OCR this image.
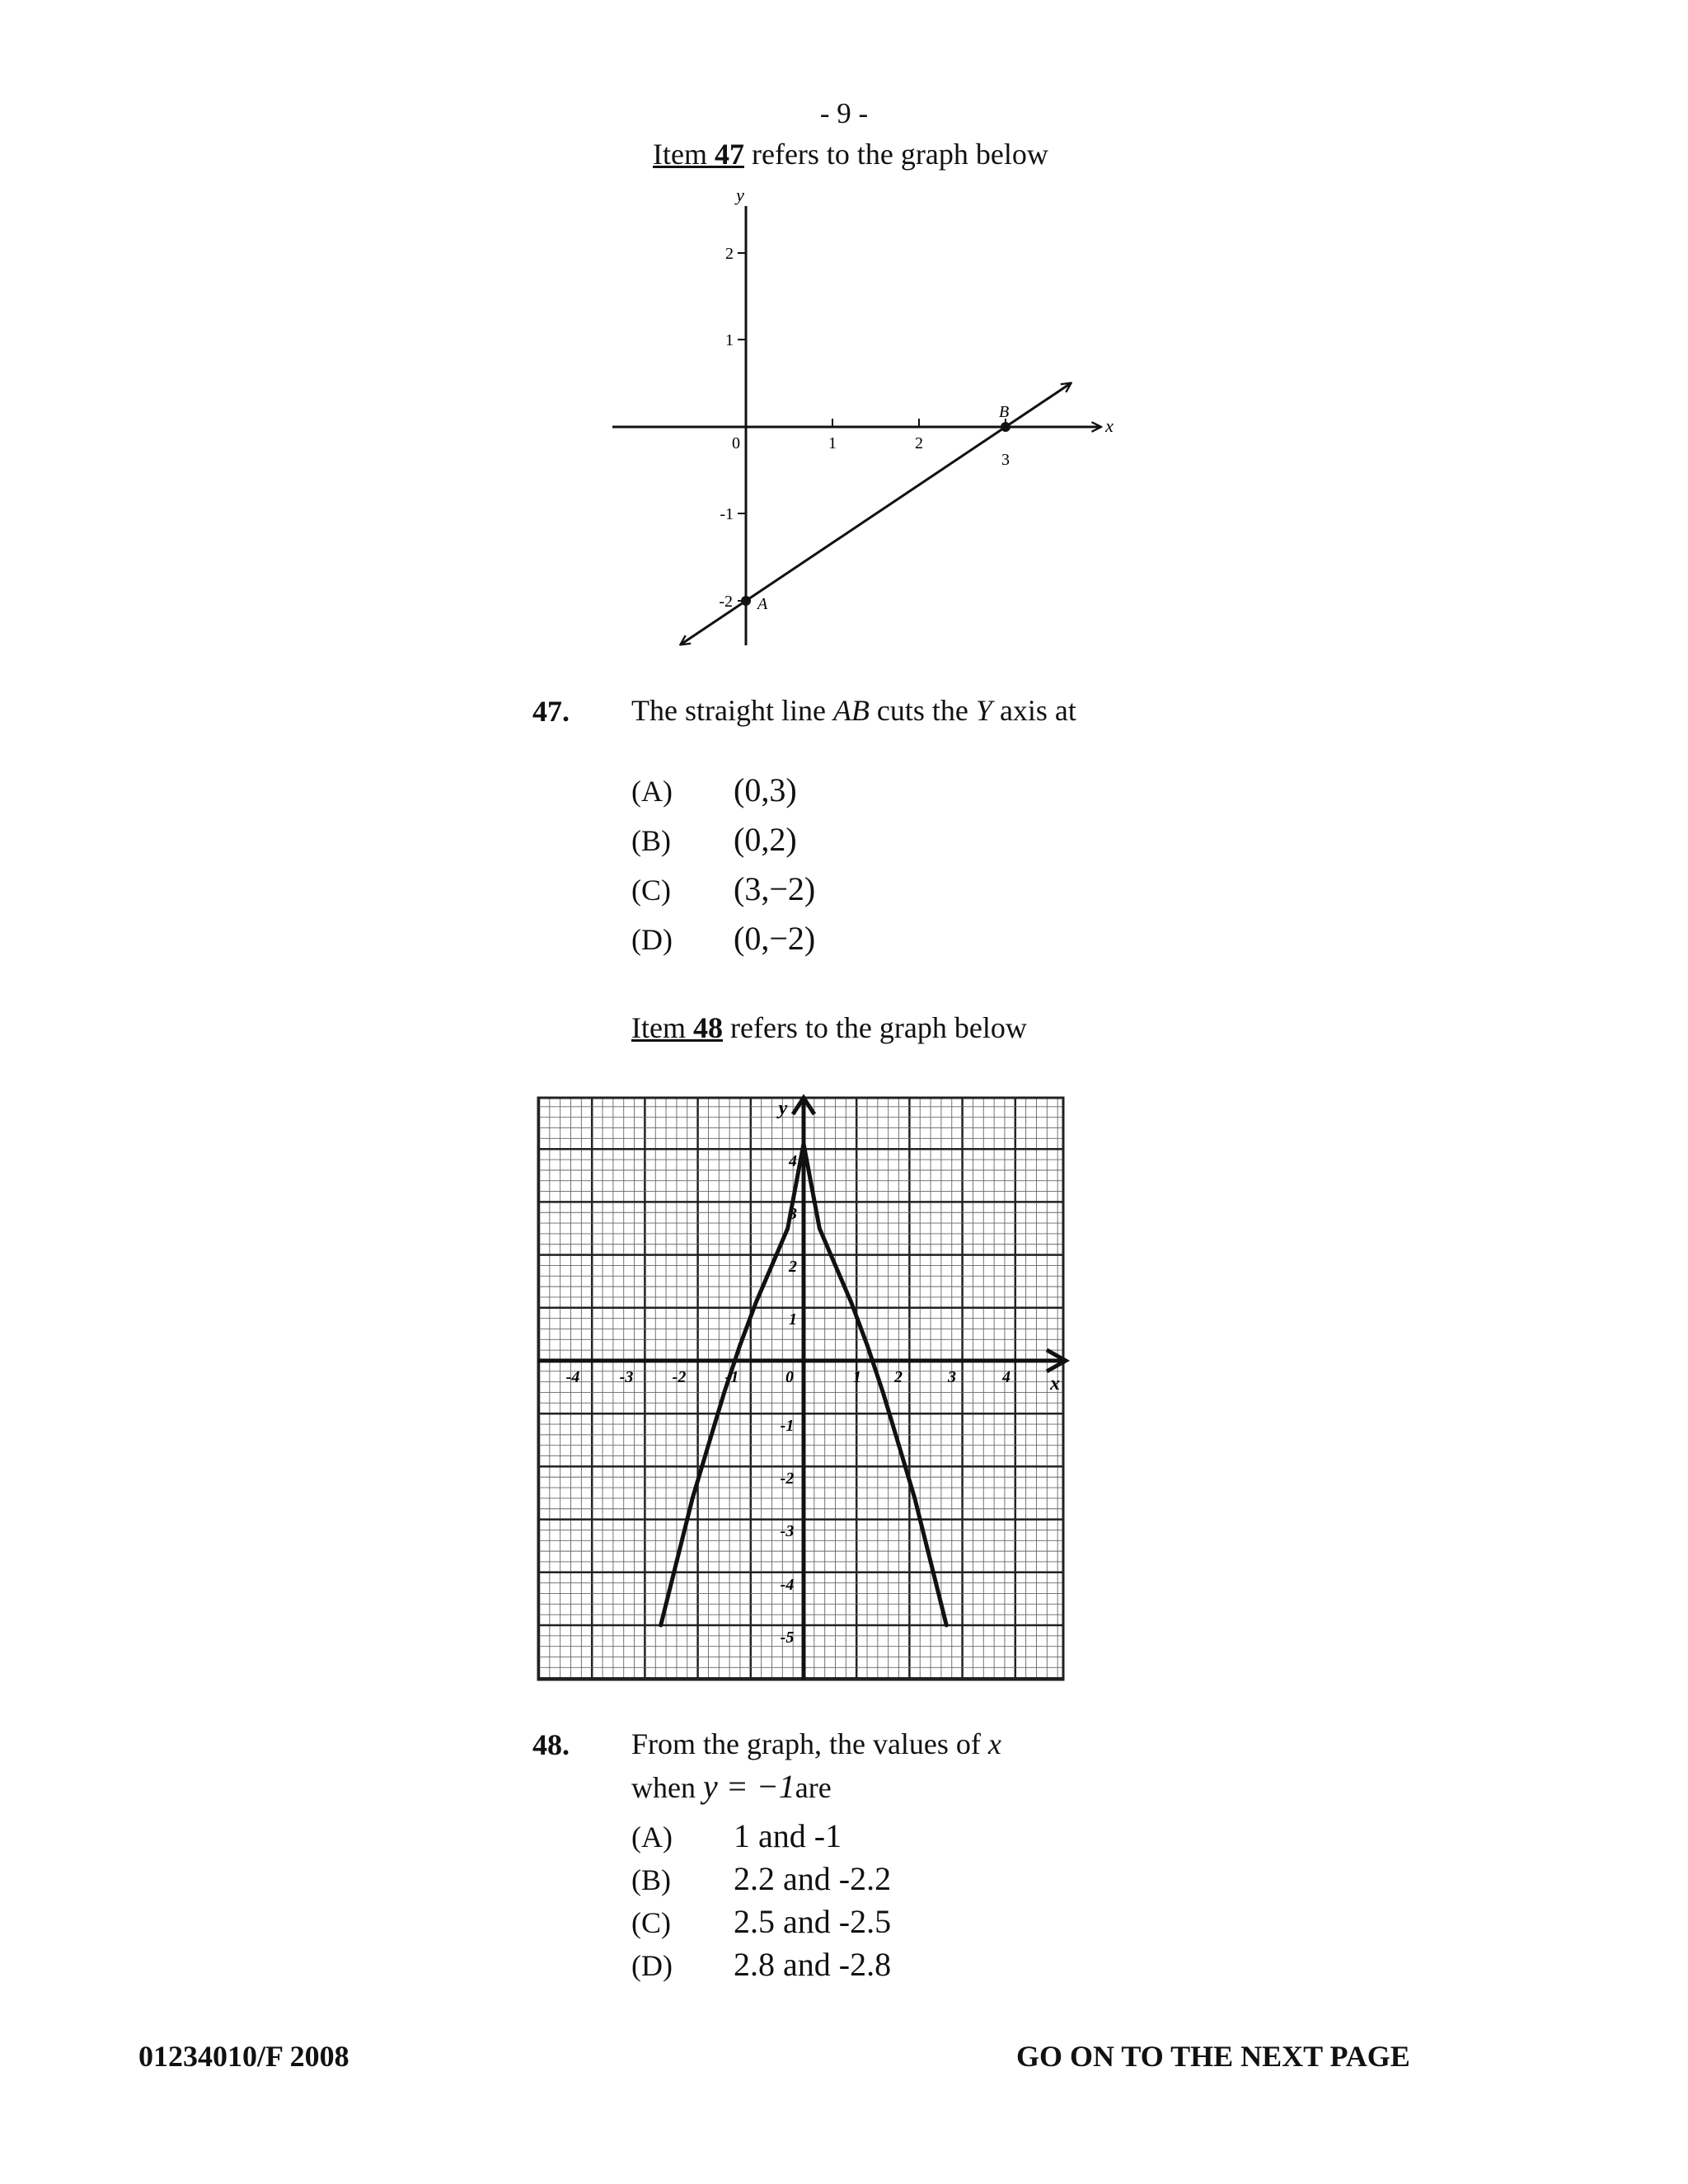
- 9 -
Item 47 refers to the graph below
y
x
0	1	2
3
2
1
-1
-2 A
B
47. The straight line AB cuts the Y axis at
(A) (0,3)
(B) (0,2)
(C) (3,−2)
(D) (0,−2)
Item 48 refers to the graph below
y
x
-4 -3 -2 -1	0	1 2	3	4
4
3
2
1
-1
-2
-3
-4
-5
48. From the graph, the values of x
when y = −1are
(A) 1 and -1
(B) 2.2 and -2.2
(C) 2.5 and -2.5
(D) 2.8 and -2.8
01234010/F 2008	GO ON TO THE NEXT PAGE
